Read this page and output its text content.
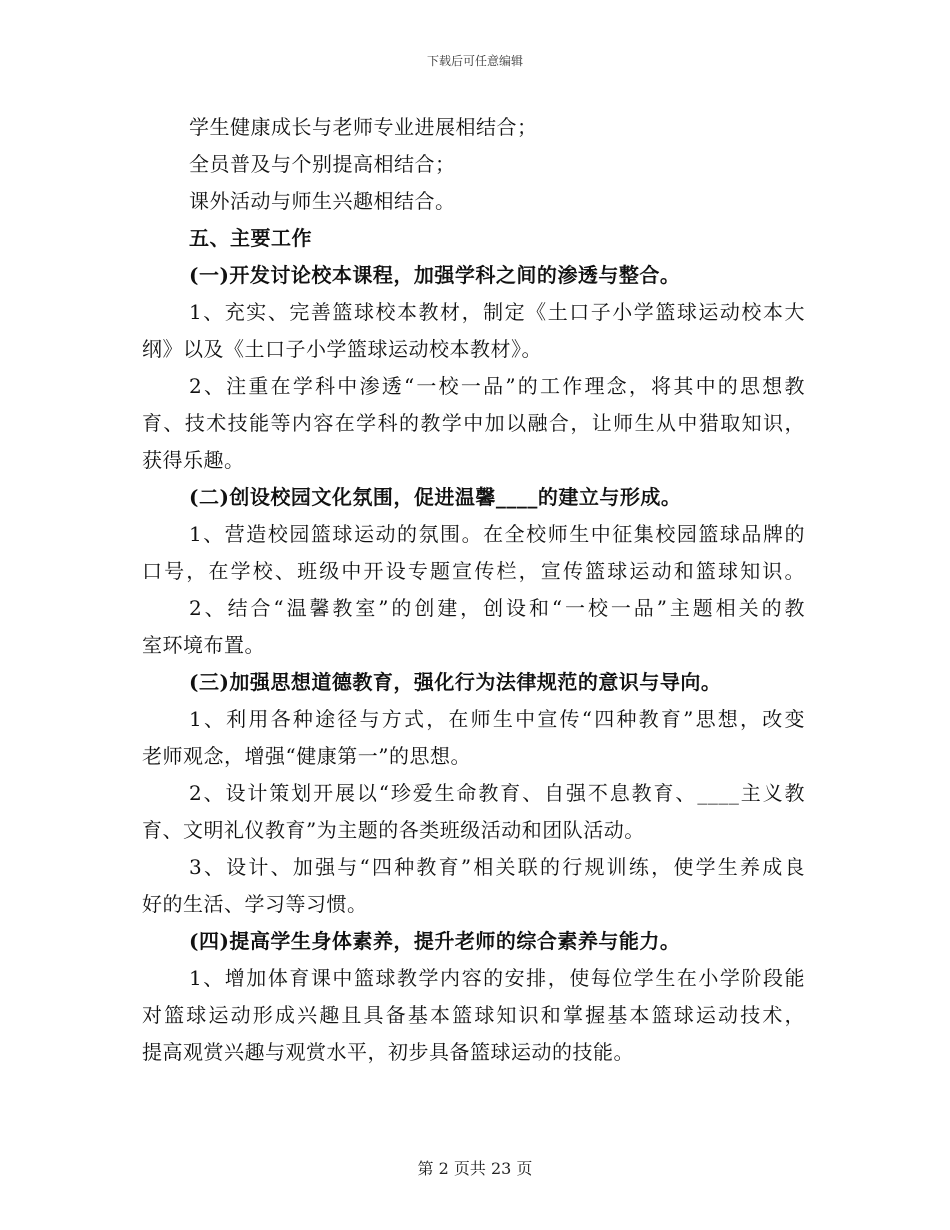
下载后可任意编辑
学生健康成长与老师专业进展相结合；
全员普及与个别提高相结合；
课外活动与师生兴趣相结合。
五、主要工作
(一)开发讨论校本课程，加强学科之间的渗透与整合。
1、充实、完善篮球校本教材，制定《土口子小学篮球运动校本大
纲》以及《土口子小学篮球运动校本教材》。
2、注重在学科中渗透“一校一品”的工作理念，将其中的思想教
育、技术技能等内容在学科的教学中加以融合，让师生从中猎取知识，
获得乐趣。
(二)创设校园文化氛围，促进温馨____的建立与形成。
1、营造校园篮球运动的氛围。在全校师生中征集校园篮球品牌的
口号，在学校、班级中开设专题宣传栏，宣传篮球运动和篮球知识。
2、结合“温馨教室”的创建，创设和“一校一品”主题相关的教
室环境布置。
(三)加强思想道德教育，强化行为法律规范的意识与导向。
1、利用各种途径与方式，在师生中宣传“四种教育”思想，改变
老师观念，增强“健康第一”的思想。
2、设计策划开展以“珍爱生命教育、自强不息教育、____主义教
育、文明礼仪教育”为主题的各类班级活动和团队活动。
3、设计、加强与“四种教育”相关联的行规训练，使学生养成良
好的生活、学习等习惯。
(四)提高学生身体素养，提升老师的综合素养与能力。
1、增加体育课中篮球教学内容的安排，使每位学生在小学阶段能
对篮球运动形成兴趣且具备基本篮球知识和掌握基本篮球运动技术，
提高观赏兴趣与观赏水平，初步具备篮球运动的技能。
第 2 页共 23 页
